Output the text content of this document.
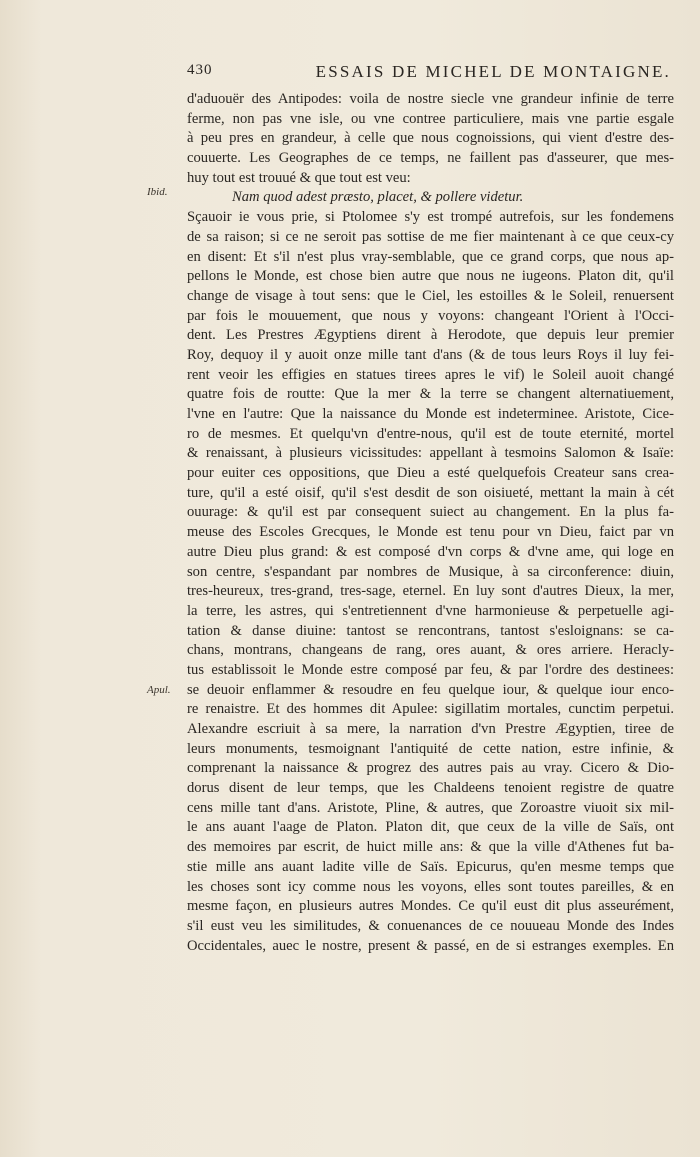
430	ESSAIS DE MICHEL DE MONTAIGNE.
Ibid.
Apul.
d'aduouër des Antipodes: voila de nostre siecle vne grandeur infinie de terre
ferme, non pas vne isle, ou vne contree particuliere, mais vne partie esgale
à peu pres en grandeur, à celle que nous cognoissions, qui vient d'estre des-
couuerte. Les Geographes de ce temps, ne faillent pas d'asseurer, que mes-
huy tout est trouué & que tout est veu:
Nam quod adest præsto, placet, & pollere videtur.
Sçauoir ie vous prie, si Ptolomee s'y est trompé autrefois, sur les fondemens
de sa raison; si ce ne seroit pas sottise de me fier maintenant à ce que ceux-cy
en disent: Et s'il n'est plus vray-semblable, que ce grand corps, que nous ap-
pellons le Monde, est chose bien autre que nous ne iugeons. Platon dit, qu'il
change de visage à tout sens: que le Ciel, les estoilles & le Soleil, renuersent
par fois le mouuement, que nous y voyons: changeant l'Orient à l'Occi-
dent. Les Prestres Ægyptiens dirent à Herodote, que depuis leur premier
Roy, dequoy il y auoit onze mille tant d'ans (& de tous leurs Roys il luy fei-
rent veoir les effigies en statues tirees apres le vif) le Soleil auoit changé
quatre fois de routte: Que la mer & la terre se changent alternatiuement,
l'vne en l'autre: Que la naissance du Monde est indeterminee. Aristote, Cice-
ro de mesmes. Et quelqu'vn d'entre-nous, qu'il est de toute eternité, mortel
& renaissant, à plusieurs vicissitudes: appellant à tesmoins Salomon & Isaïe:
pour euiter ces oppositions, que Dieu a esté quelquefois Createur sans crea-
ture, qu'il a esté oisif, qu'il s'est desdit de son oisiueté, mettant la main à cét
ouurage: & qu'il est par consequent suiect au changement. En la plus fa-
meuse des Escoles Grecques, le Monde est tenu pour vn Dieu, faict par vn
autre Dieu plus grand: & est composé d'vn corps & d'vne ame, qui loge en
son centre, s'espandant par nombres de Musique, à sa circonference: diuin,
tres-heureux, tres-grand, tres-sage, eternel. En luy sont d'autres Dieux, la mer,
la terre, les astres, qui s'entretiennent d'vne harmonieuse & perpetuelle agi-
tation & danse diuine: tantost se rencontrans, tantost s'esloignans: se ca-
chans, montrans, changeans de rang, ores auant, & ores arriere. Heracly-
tus establissoit le Monde estre composé par feu, & par l'ordre des destinees:
se deuoir enflammer & resoudre en feu quelque iour, & quelque iour enco-
re renaistre. Et des hommes dit Apulee: sigillatim mortales, cunctim perpetui.
Alexandre escriuit à sa mere, la narration d'vn Prestre Ægyptien, tiree de
leurs monuments, tesmoignant l'antiquité de cette nation, estre infinie, &
comprenant la naissance & progrez des autres pais au vray. Cicero & Dio-
dorus disent de leur temps, que les Chaldeens tenoient registre de quatre
cens mille tant d'ans. Aristote, Pline, & autres, que Zoroastre viuoit six mil-
le ans auant l'aage de Platon. Platon dit, que ceux de la ville de Saïs, ont
des memoires par escrit, de huict mille ans: & que la ville d'Athenes fut ba-
stie mille ans auant ladite ville de Saïs. Epicurus, qu'en mesme temps que
les choses sont icy comme nous les voyons, elles sont toutes pareilles, & en
mesme façon, en plusieurs autres Mondes. Ce qu'il eust dit plus asseurément,
s'il eust veu les similitudes, & conuenances de ce nouueau Monde des Indes
Occidentales, auec le nostre, present & passé, en de si estranges exemples. En
